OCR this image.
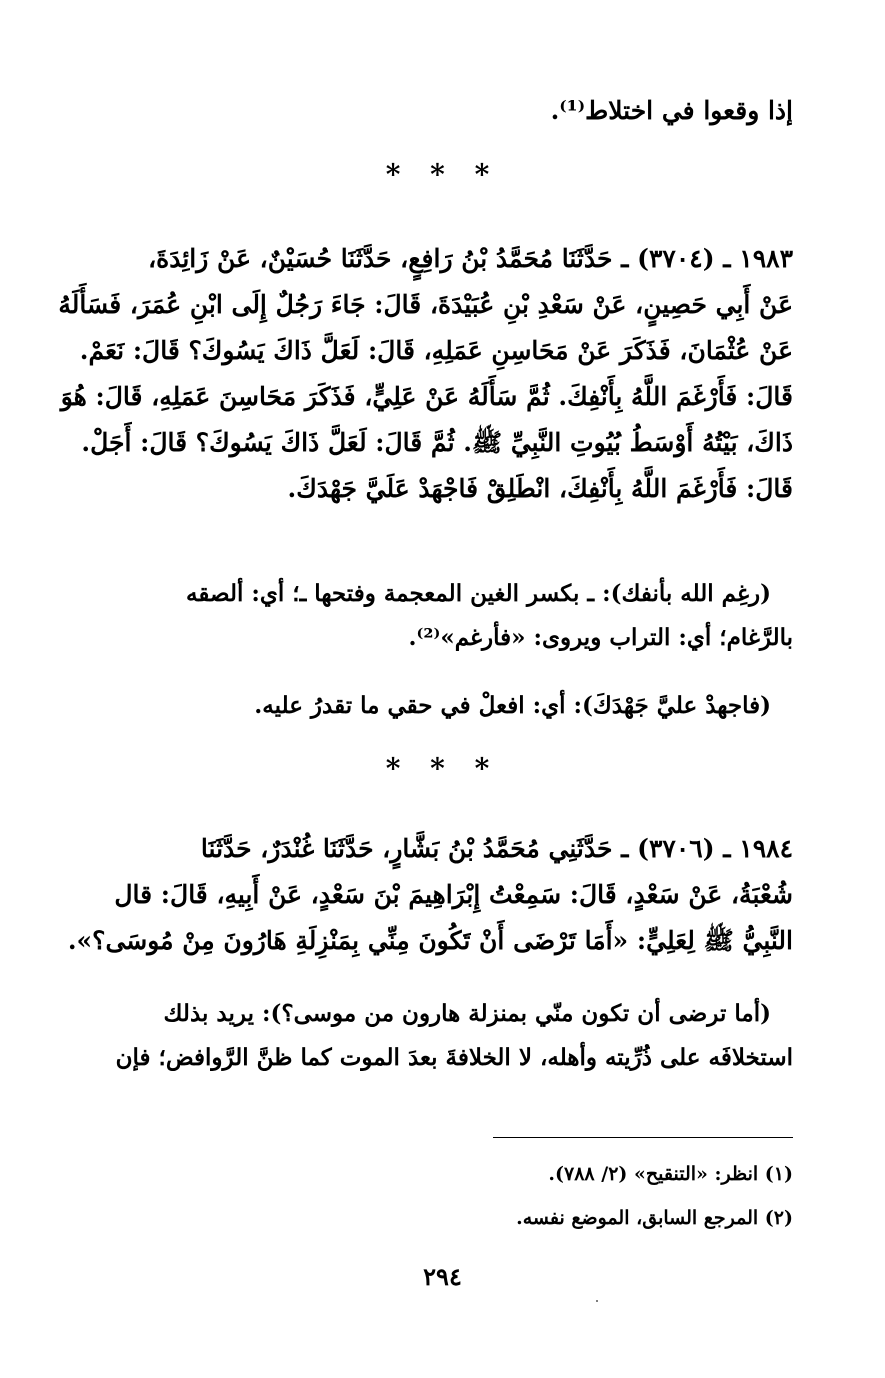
إذا وقعوا في اختلاط⁽¹⁾.
* * *
١٩٨٣ ـ (٣٧٠٤) ـ حَدَّثَنَا مُحَمَّدُ بْنُ رَافِعٍ، حَدَّثَنَا حُسَيْنٌ، عَنْ زَائِدَةَ،
عَنْ أَبِي حَصِينٍ، عَنْ سَعْدِ بْنِ عُبَيْدَةَ، قَالَ: جَاءَ رَجُلٌ إِلَى ابْنِ عُمَرَ، فَسَأَلَهُ
عَنْ عُثْمَانَ، فَذَكَرَ عَنْ مَحَاسِنِ عَمَلِهِ، قَالَ: لَعَلَّ ذَاكَ يَسُوكَ؟ قَالَ: نَعَمْ.
قَالَ: فَأَرْغَمَ اللَّهُ بِأَنْفِكَ. ثُمَّ سَأَلَهُ عَنْ عَلِيٍّ، فَذَكَرَ مَحَاسِنَ عَمَلِهِ، قَالَ: هُوَ
ذَاكَ، بَيْتُهُ أَوْسَطُ بُيُوتِ النَّبِيِّ ﷺ. ثُمَّ قَالَ: لَعَلَّ ذَاكَ يَسُوكَ؟ قَالَ: أَجَلْ.
قَالَ: فَأَرْغَمَ اللَّهُ بِأَنْفِكَ، انْطَلِقْ فَاجْهَدْ عَلَيَّ جَهْدَكَ.
(رغِم الله بأنفك): ـ بكسر الغين المعجمة وفتحها ـ؛ أي: ألصقه
بالرَّغام؛ أي: التراب ويروى: «فأرغم»⁽²⁾.
(فاجهدْ عليَّ جَهْدَكَ): أي: افعلْ في حقي ما تقدرُ عليه.
* * *
١٩٨٤ ـ (٣٧٠٦) ـ حَدَّثَنِي مُحَمَّدُ بْنُ بَشَّارٍ، حَدَّثَنَا غُنْدَرٌ، حَدَّثَنَا
شُعْبَةُ، عَنْ سَعْدٍ، قَالَ: سَمِعْتُ إِبْرَاهِيمَ بْنَ سَعْدٍ، عَنْ أَبِيهِ، قَالَ: قال
النَّبِيُّ ﷺ لِعَلِيٍّ: «أَمَا تَرْضَى أَنْ تَكُونَ مِنِّي بِمَنْزِلَةِ هَارُونَ مِنْ مُوسَى؟».
(أما ترضى أن تكون منّي بمنزلة هارون من موسى؟): يريد بذلك
استخلافَه على ذُرِّيته وأهله، لا الخلافةَ بعدَ الموت كما ظنَّ الرَّوافض؛ فإن
(١) انظر: «التنقيح» (٢/ ٧٨٨).
(٢) المرجع السابق، الموضع نفسه.
٢٩٤
